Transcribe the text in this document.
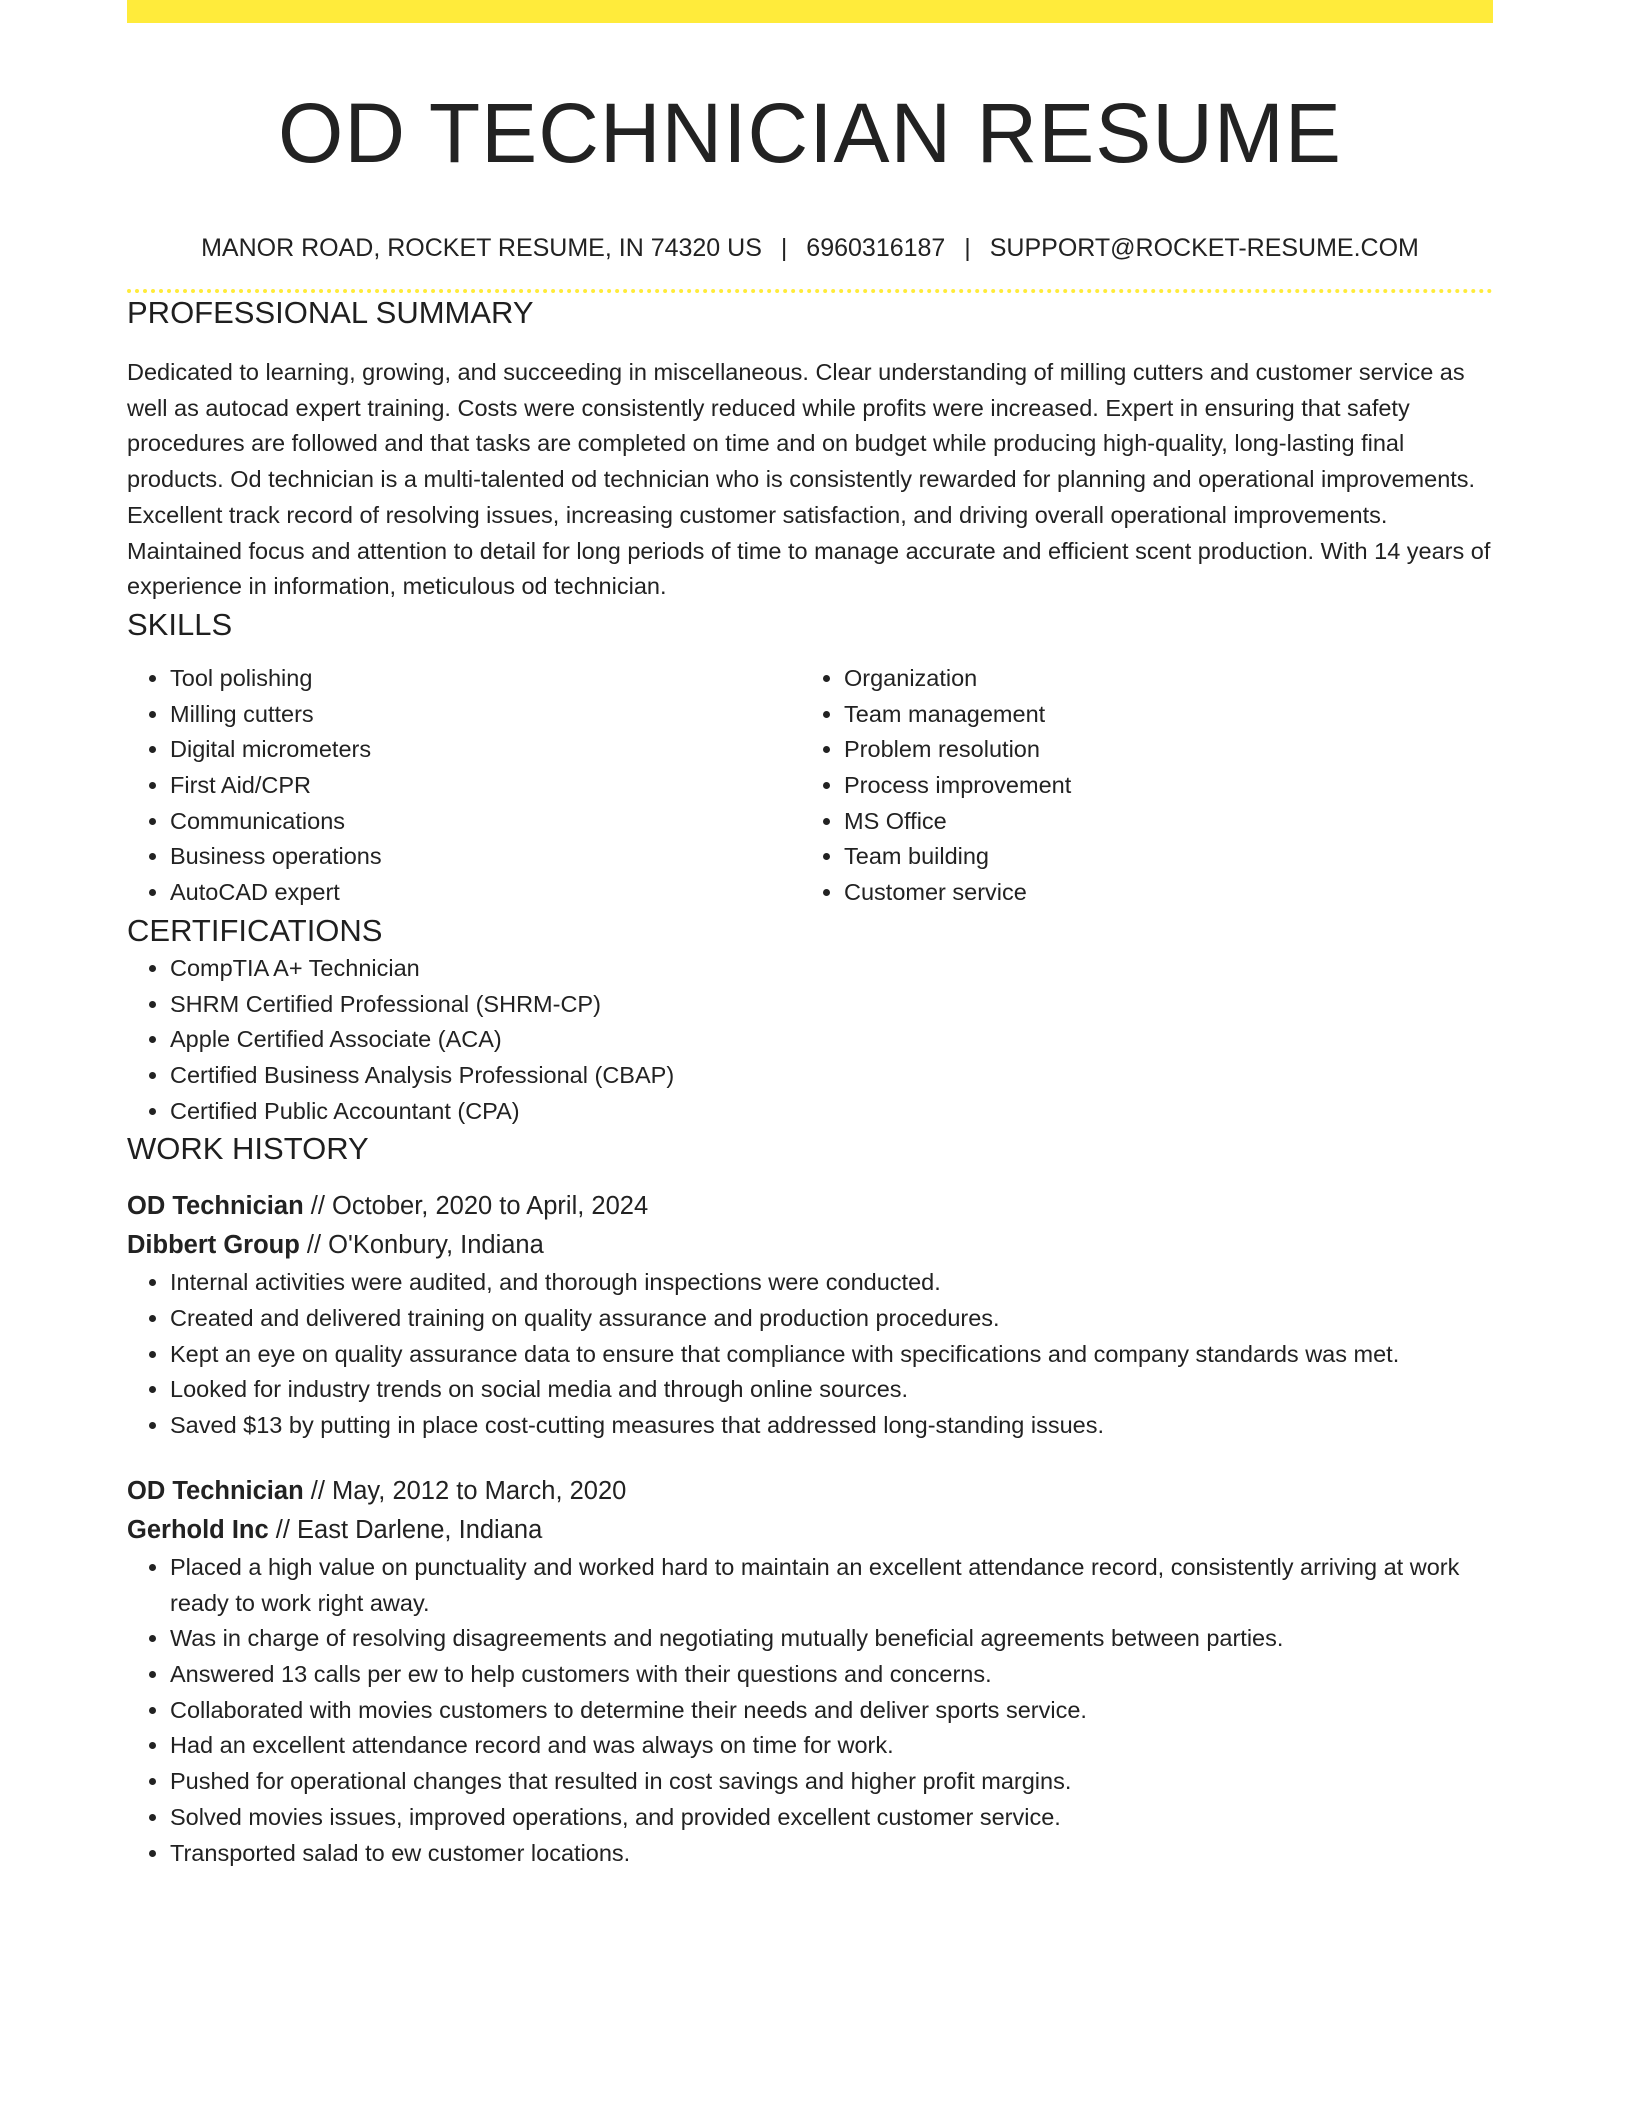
OD TECHNICIAN RESUME
MANOR ROAD, ROCKET RESUME, IN 74320 US | 6960316187 | SUPPORT@ROCKET-RESUME.COM
PROFESSIONAL SUMMARY
Dedicated to learning, growing, and succeeding in miscellaneous. Clear understanding of milling cutters and customer service as well as autocad expert training. Costs were consistently reduced while profits were increased. Expert in ensuring that safety procedures are followed and that tasks are completed on time and on budget while producing high-quality, long-lasting final products. Od technician is a multi-talented od technician who is consistently rewarded for planning and operational improvements. Excellent track record of resolving issues, increasing customer satisfaction, and driving overall operational improvements. Maintained focus and attention to detail for long periods of time to manage accurate and efficient scent production. With 14 years of experience in information, meticulous od technician.
SKILLS
• Tool polishing
• Milling cutters
• Digital micrometers
• First Aid/CPR
• Communications
• Business operations
• AutoCAD expert
• Organization
• Team management
• Problem resolution
• Process improvement
• MS Office
• Team building
• Customer service
CERTIFICATIONS
• CompTIA A+ Technician
• SHRM Certified Professional (SHRM-CP)
• Apple Certified Associate (ACA)
• Certified Business Analysis Professional (CBAP)
• Certified Public Accountant (CPA)
WORK HISTORY
OD Technician // October, 2020 to April, 2024
Dibbert Group // O'Konbury, Indiana
• Internal activities were audited, and thorough inspections were conducted.
• Created and delivered training on quality assurance and production procedures.
• Kept an eye on quality assurance data to ensure that compliance with specifications and company standards was met.
• Looked for industry trends on social media and through online sources.
• Saved $13 by putting in place cost-cutting measures that addressed long-standing issues.
OD Technician // May, 2012 to March, 2020
Gerhold Inc // East Darlene, Indiana
• Placed a high value on punctuality and worked hard to maintain an excellent attendance record, consistently arriving at work ready to work right away.
• Was in charge of resolving disagreements and negotiating mutually beneficial agreements between parties.
• Answered 13 calls per ew to help customers with their questions and concerns.
• Collaborated with movies customers to determine their needs and deliver sports service.
• Had an excellent attendance record and was always on time for work.
• Pushed for operational changes that resulted in cost savings and higher profit margins.
• Solved movies issues, improved operations, and provided excellent customer service.
• Transported salad to ew customer locations.
